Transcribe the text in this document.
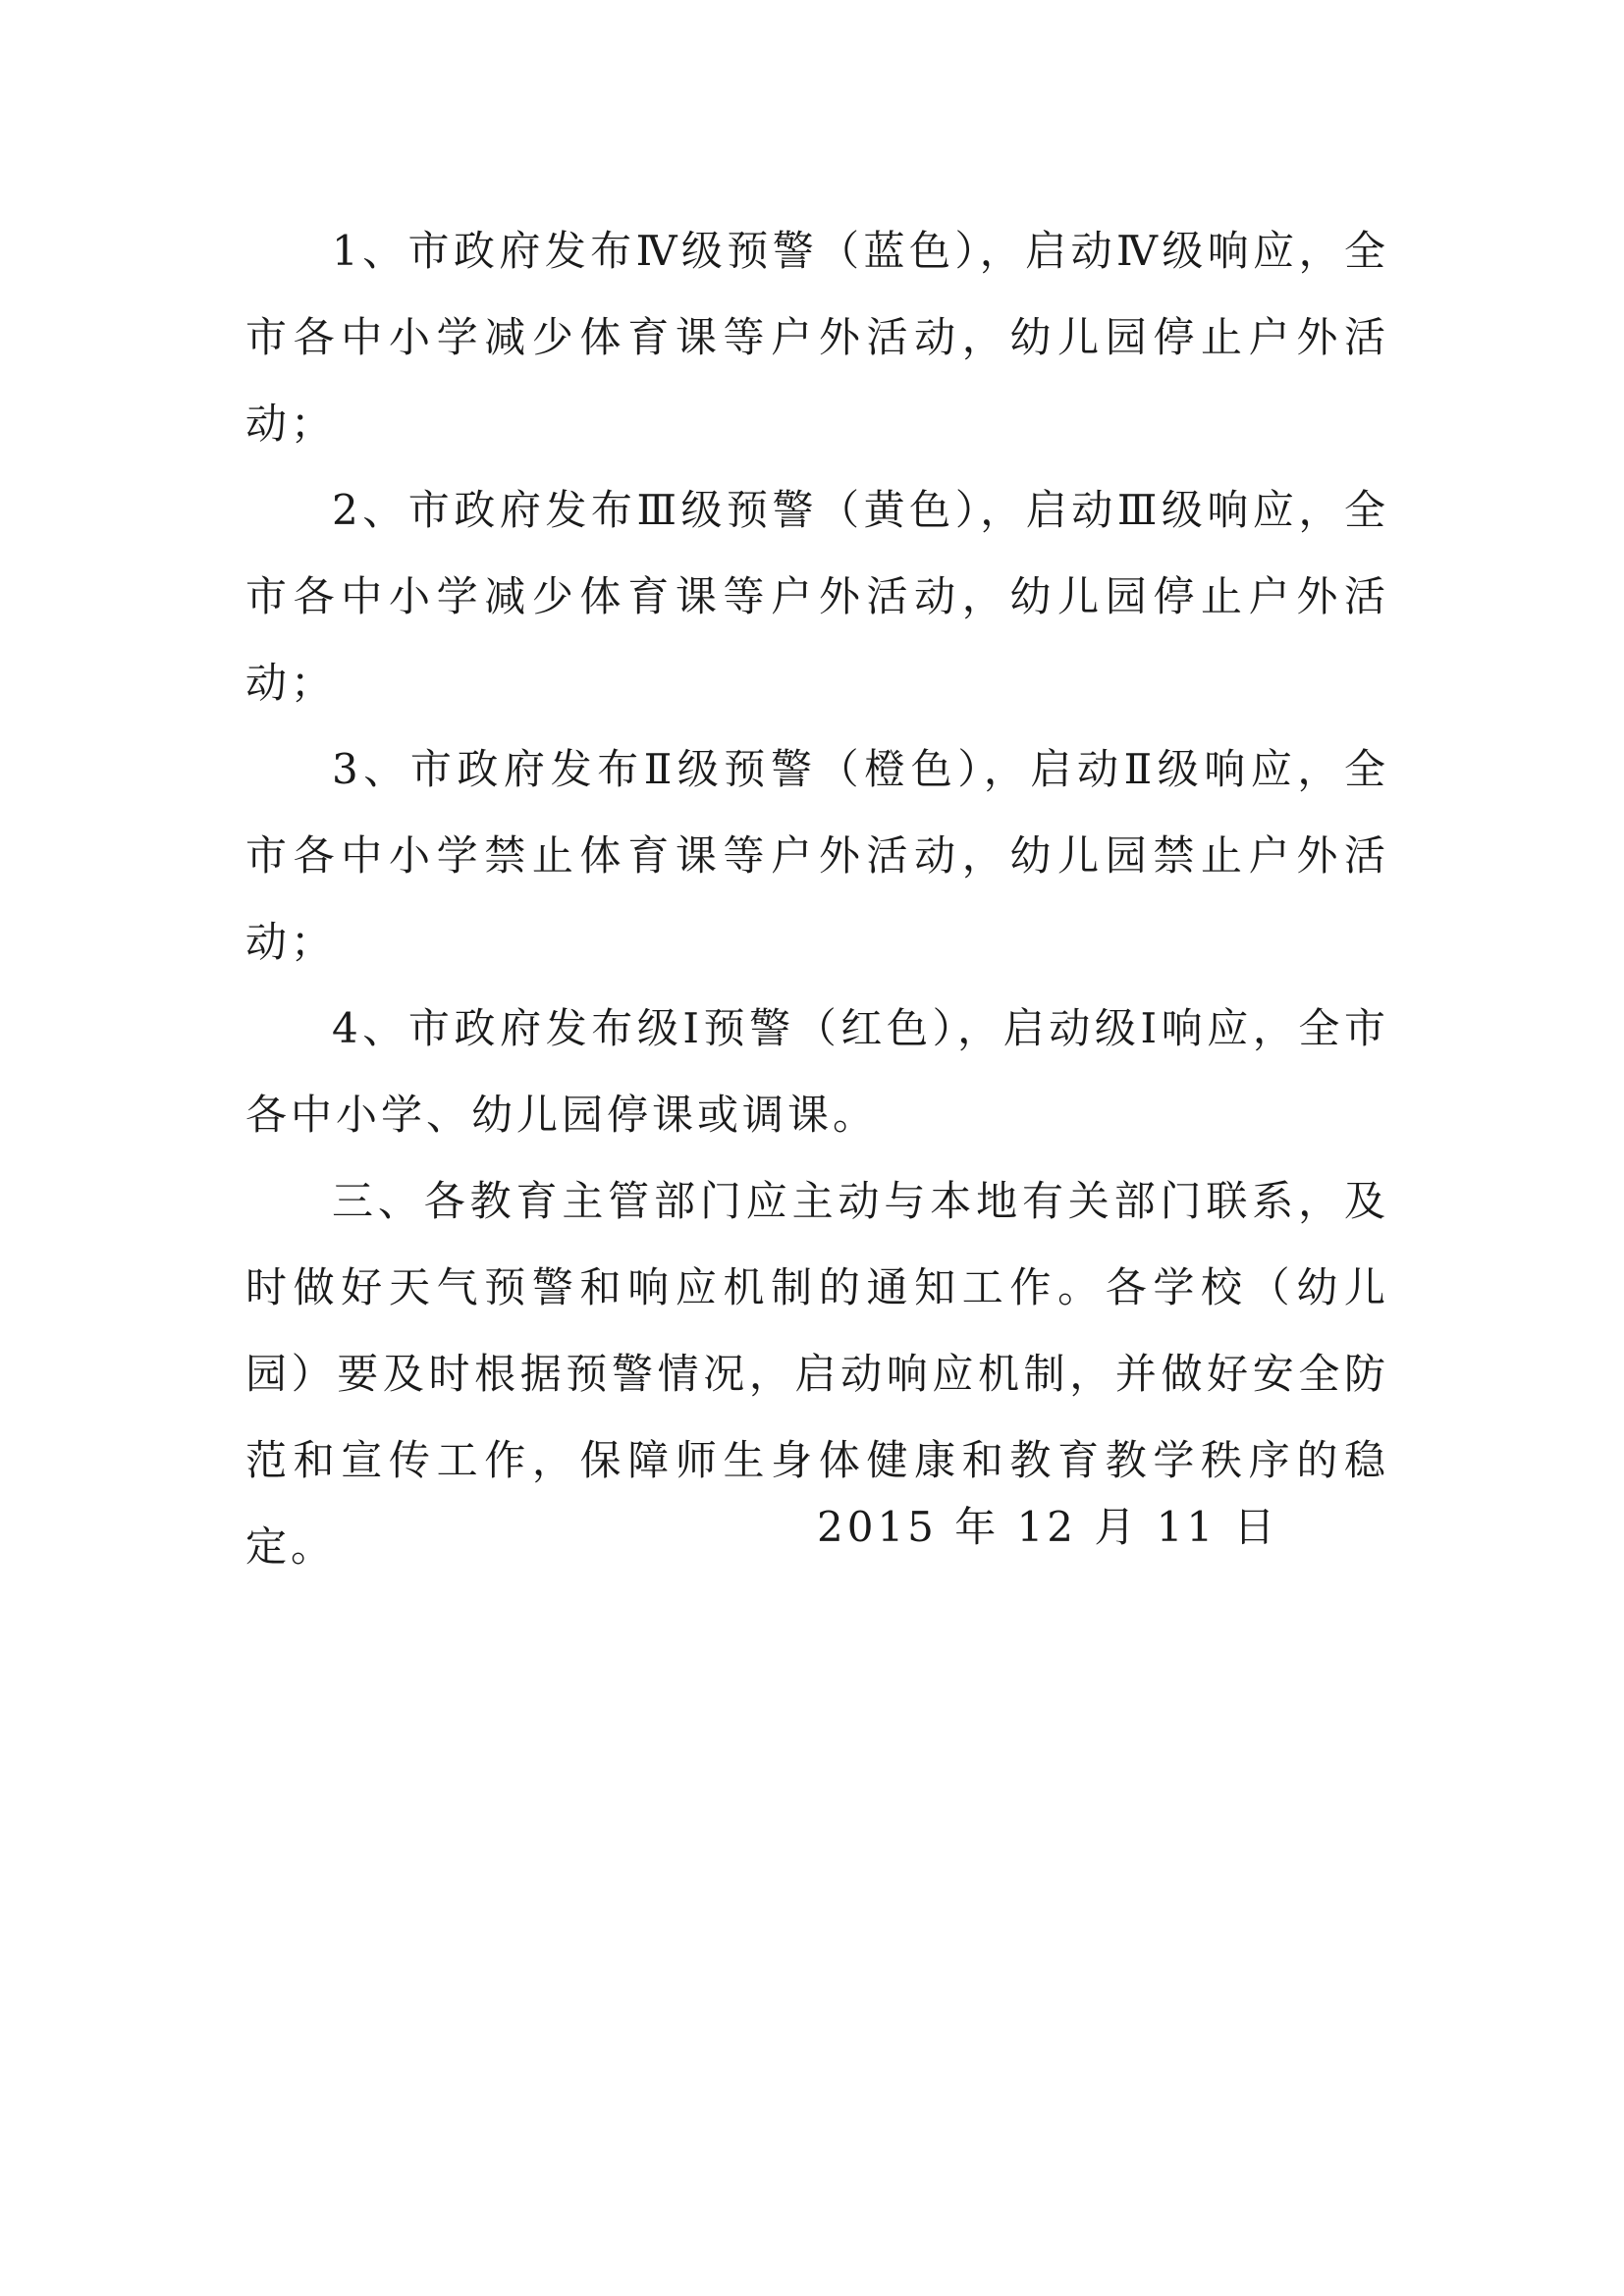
1、市政府发布Ⅳ级预警（蓝色），启动Ⅳ级响应，全市各中小学减少体育课等户外活动，幼儿园停止户外活动；

2、市政府发布Ⅲ级预警（黄色），启动Ⅲ级响应，全市各中小学减少体育课等户外活动，幼儿园停止户外活动；

3、市政府发布Ⅱ级预警（橙色），启动Ⅱ级响应，全市各中小学禁止体育课等户外活动，幼儿园禁止户外活动；

4、市政府发布级Ⅰ预警（红色），启动级Ⅰ响应，全市各中小学、幼儿园停课或调课。

三、各教育主管部门应主动与本地有关部门联系，及时做好天气预警和响应机制的通知工作。各学校（幼儿园）要及时根据预警情况，启动响应机制，并做好安全防范和宣传工作，保障师生身体健康和教育教学秩序的稳定。	2015 年 12 月 11 日
